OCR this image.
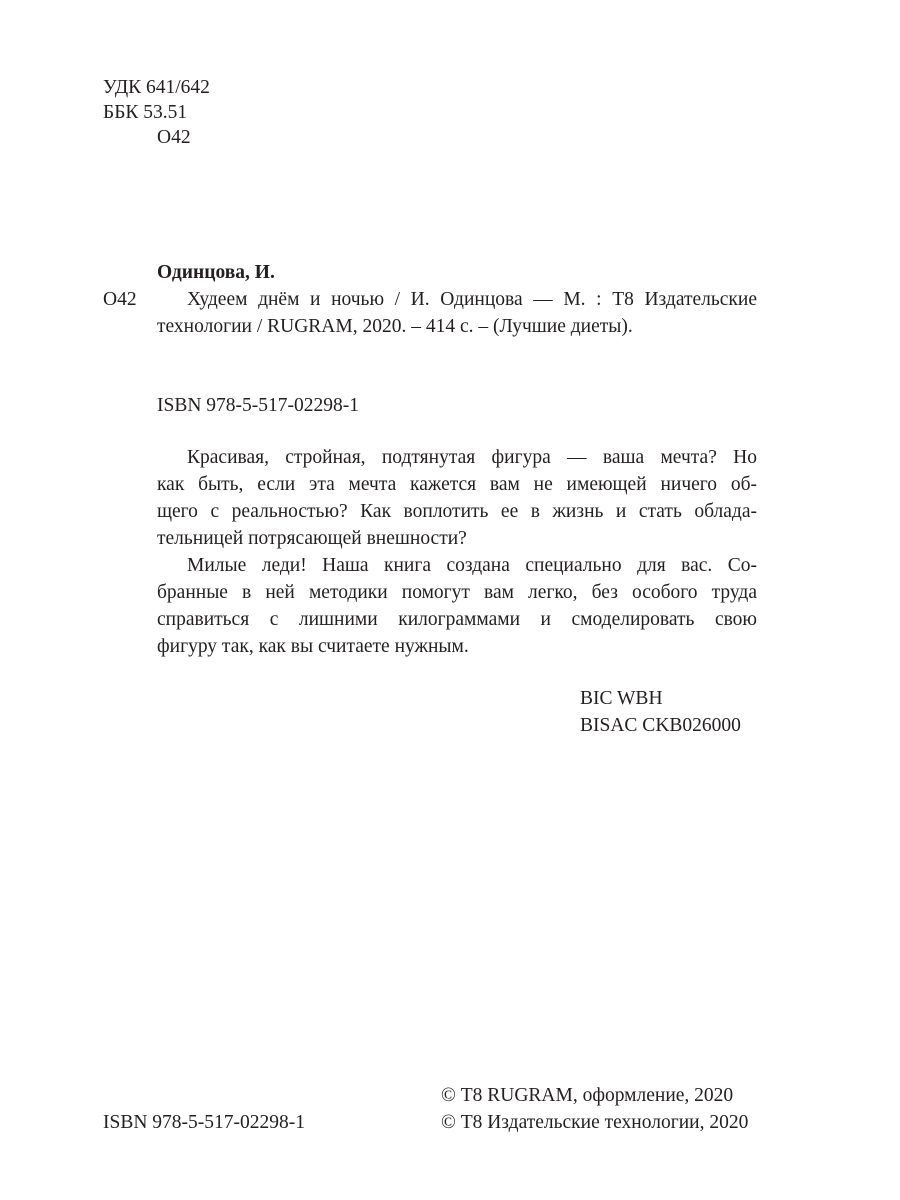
УДК 641/642
ББК 53.51
О42
Одинцова, И.
О42	Худеем днём и ночью / И. Одинцова — М. : Т8 Издательские
технологии / RUGRAM, 2020. – 414 с. – (Лучшие диеты).
ISBN 978-5-517-02298-1
Красивая, стройная, подтянутая фигура — ваша мечта? Но
как быть, если эта мечта кажется вам не имеющей ничего об-
щего с реальностью? Как воплотить ее в жизнь и стать облада-
тельницей потрясающей внешности?
Милые леди! Наша книга создана специально для вас. Со-
бранные в ней методики помогут вам легко, без особого труда
справиться с лишними килограммами и смоделировать свою
фигуру так, как вы считаете нужным.
BIC WBH
BISAC CKB026000
© Т8 RUGRAM, оформление, 2020
ISBN 978-5-517-02298-1	© Т8 Издательские технологии, 2020
